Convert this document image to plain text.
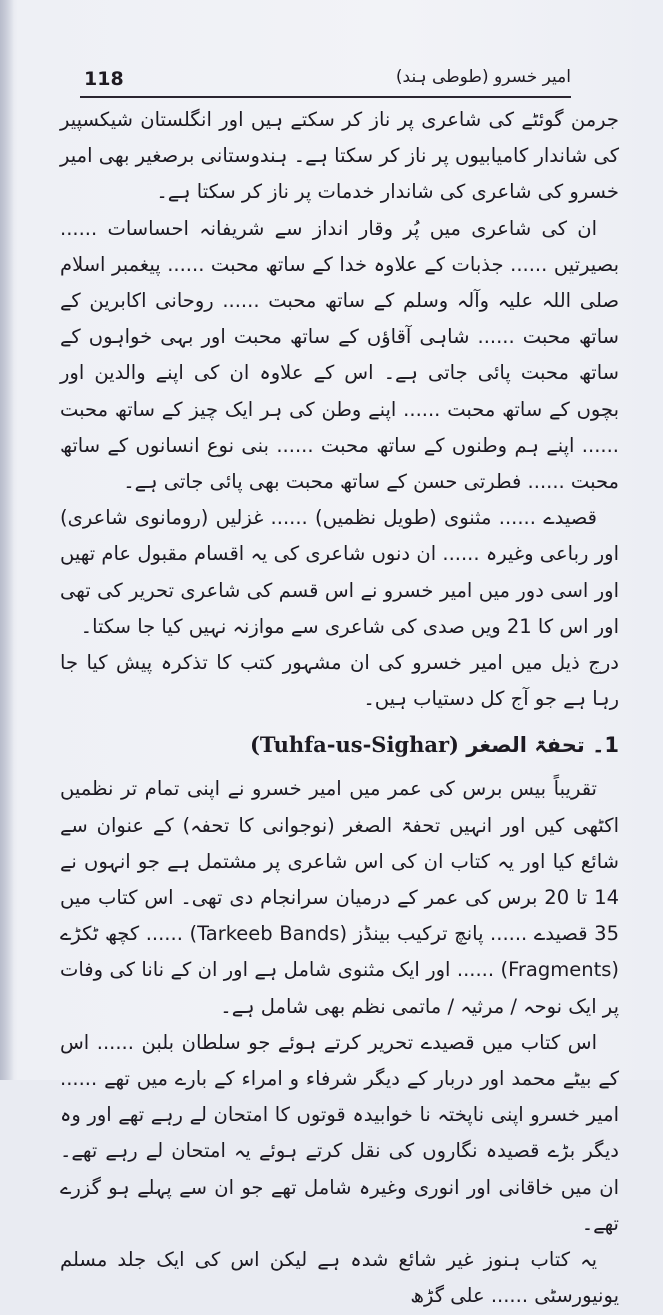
118	امیر خسرو (طوطی ہند)

جرمن گوئٹے کی شاعری پر ناز کر سکتے ہیں اور انگلستان شیکسپیر کی شاندار کامیابیوں پر ناز کر سکتا ہے۔ ہندوستانی برصغیر بھی امیر خسرو کی شاعری کی شاندار خدمات پر ناز کر سکتا ہے۔

ان کی شاعری میں پُر وقار انداز سے شریفانہ احساسات ...... بصیرتیں ...... جذبات کے علاوہ خدا کے ساتھ محبت ...... پیغمبر اسلام صلی اللہ علیہ وآلہ وسلم کے ساتھ محبت ...... روحانی اکابرین کے ساتھ محبت ...... شاہی آقاؤں کے ساتھ محبت اور بہی خواہوں کے ساتھ محبت پائی جاتی ہے۔ اس کے علاوہ ان کی اپنے والدین اور بچوں کے ساتھ محبت ...... اپنے وطن کی ہر ایک چیز کے ساتھ محبت ...... اپنے ہم وطنوں کے ساتھ محبت ...... بنی نوع انسانوں کے ساتھ محبت ...... فطرتی حسن کے ساتھ محبت بھی پائی جاتی ہے۔

قصیدے ...... مثنوی (طویل نظمیں) ...... غزلیں (رومانوی شاعری) اور رباعی وغیرہ ...... ان دنوں شاعری کی یہ اقسام مقبول عام تھیں اور اسی دور میں امیر خسرو نے اس قسم کی شاعری تحریر کی تھی اور اس کا 21 ویں صدی کی شاعری سے موازنہ نہیں کیا جا سکتا۔

درج ذیل میں امیر خسرو کی ان مشہور کتب کا تذکرہ پیش کیا جا رہا ہے جو آج کل دستیاب ہیں۔

1۔ تحفۃ الصغر (Tuhfa-us-Sighar)

تقریباً بیس برس کی عمر میں امیر خسرو نے اپنی تمام تر نظمیں اکٹھی کیں اور انہیں تحفۃ الصغر (نوجوانی کا تحفہ) کے عنوان سے شائع کیا اور یہ کتاب ان کی اس شاعری پر مشتمل ہے جو انہوں نے 14 تا 20 برس کی عمر کے درمیان سرانجام دی تھی۔ اس کتاب میں 35 قصیدے ...... پانچ ترکیب بینڈز (Tarkeeb Bands) ...... کچھ ٹکڑے (Fragments) ...... اور ایک مثنوی شامل ہے اور ان کے نانا کی وفات پر ایک نوحہ / مرثیہ / ماتمی نظم بھی شامل ہے۔

اس کتاب میں قصیدے تحریر کرتے ہوئے جو سلطان بلبن ...... اس کے بیٹے محمد اور دربار کے دیگر شرفاء و امراء کے بارے میں تھے ...... امیر خسرو اپنی ناپختہ نا خوابیدہ قوتوں کا امتحان لے رہے تھے اور وہ دیگر بڑے قصیدہ نگاروں کی نقل کرتے ہوئے یہ امتحان لے رہے تھے۔ ان میں خاقانی اور انوری وغیرہ شامل تھے جو ان سے پہلے ہو گزرے تھے۔

یہ کتاب ہنوز غیر شائع شدہ ہے لیکن اس کی ایک جلد مسلم یونیورسٹی ...... علی گڑھ
